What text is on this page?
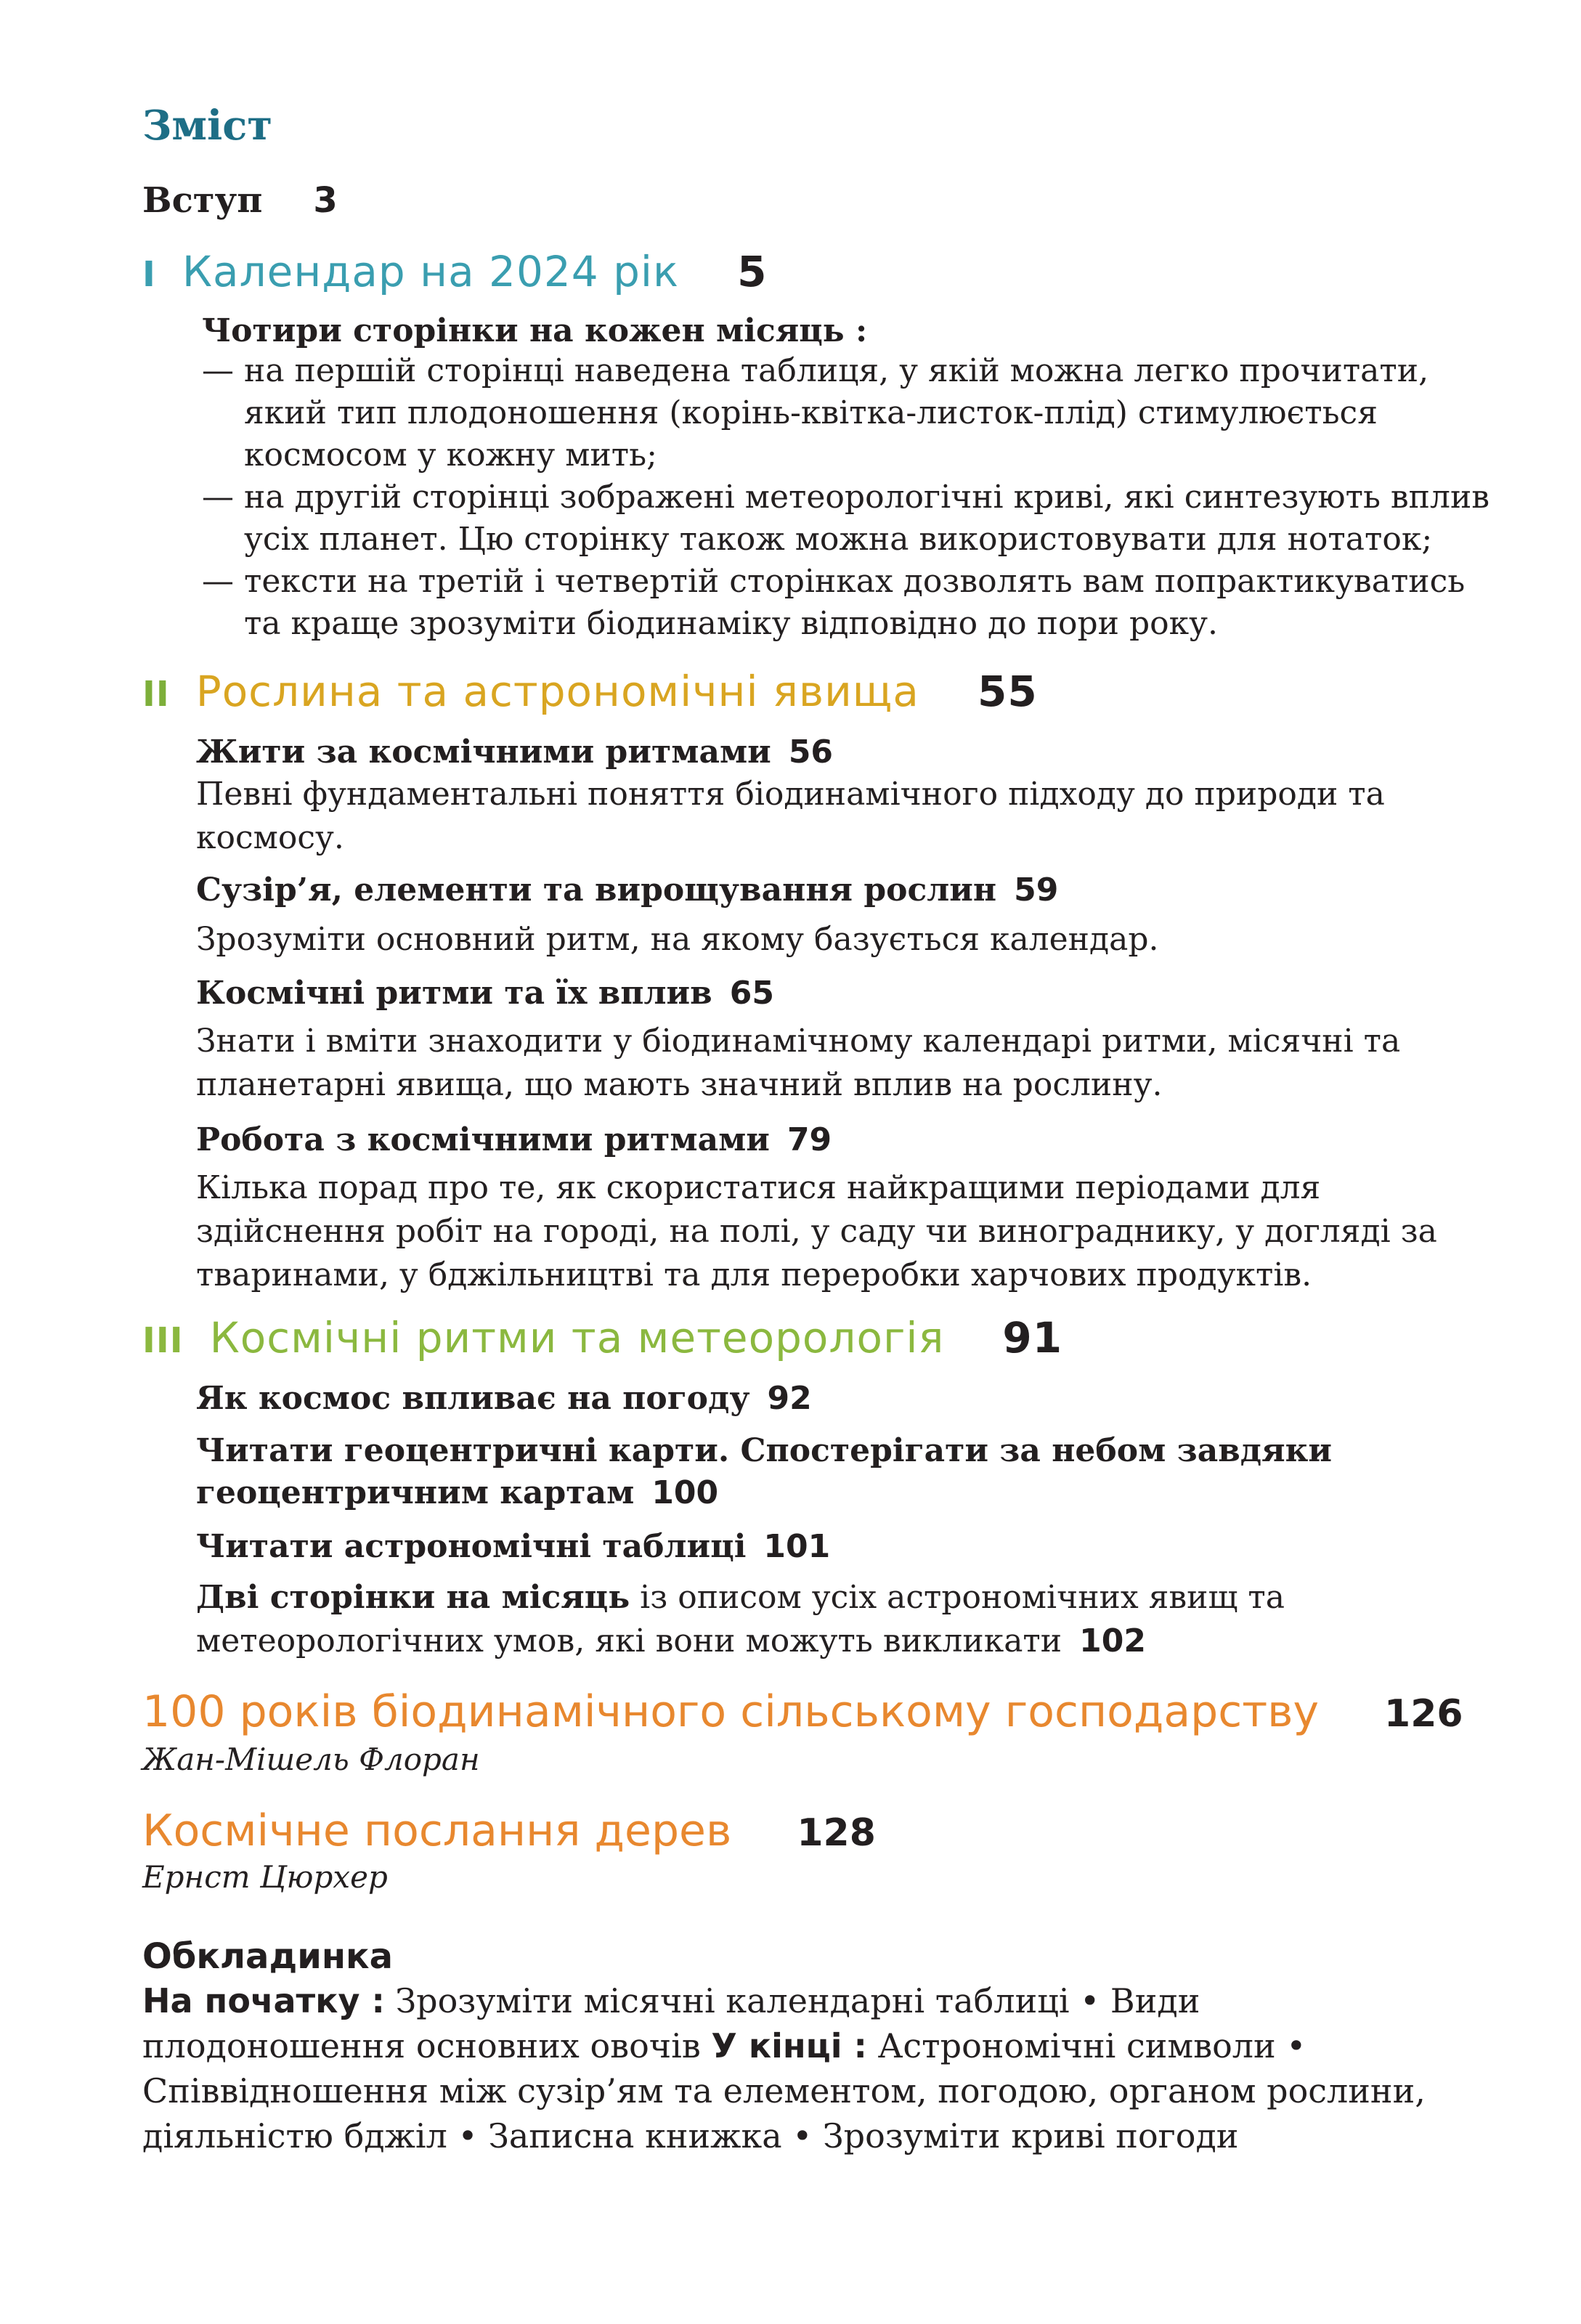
Зміст
Вступ 3
I Календар на 2024 рік 5
Чотири сторінки на кожен місяць :
— на першій сторінці наведена таблиця, у якій можна легко прочитати,
який тип плодоношення (корінь-квітка-листок-плід) стимулюється
космосом у кожну мить;
— на другій сторінці зображені метеорологічні криві, які синтезують вплив
усіх планет. Цю сторінку також можна використовувати для нотаток;
— тексти на третій і четвертій сторінках дозволять вам попрактикуватись
та краще зрозуміти біодинаміку відповідно до пори року.
II Рослина та астрономічні явища 55
Жити за космічними ритмами 56
Певні фундаментальні поняття біодинамічного підходу до природи та
космосу.
Сузір’я, елементи та вирощування рослин 59
Зрозуміти основний ритм, на якому базується календар.
Космічні ритми та їх вплив 65
Знати і вміти знаходити у біодинамічному календарі ритми, місячні та
планетарні явища, що мають значний вплив на рослину.
Робота з космічними ритмами 79
Кілька порад про те, як скористатися найкращими періодами для
здійснення робіт на городі, на полі, у саду чи винограднику, у догляді за
тваринами, у бджільництві та для переробки харчових продуктів.
III Космічні ритми та метеорологія 91
Як космос впливає на погоду 92
Читати геоцентричні карти. Спостерігати за небом завдяки
геоцентричним картам 100
Читати астрономічні таблиці 101
Дві сторінки на місяць із описом усіх астрономічних явищ та
метеорологічних умов, які вони можуть викликати 102
100 років біодинамічного сільському господарству 126
Жан-Мішель Флоран
Космічне послання дерев 128
Ернст Цюрхер
Обкладинка
На початку : Зрозуміти місячні календарні таблиці • Види
плодоношення основних овочів У кінці : Астрономічні символи •
Співвідношення між сузір’ям та елементом, погодою, органом рослини,
діяльністю бджіл • Записна книжка • Зрозуміти криві погоди
